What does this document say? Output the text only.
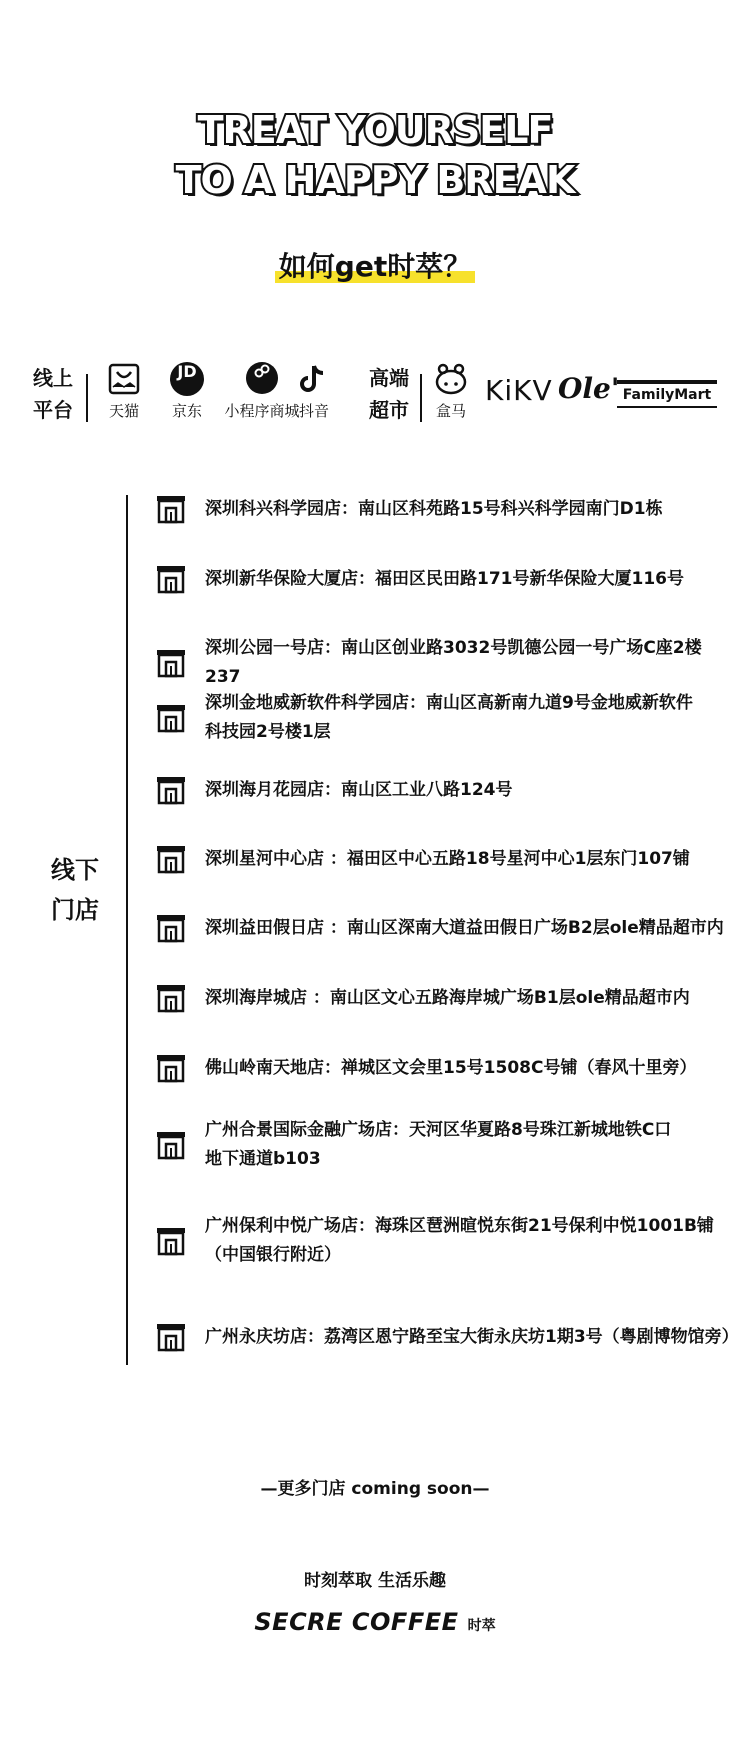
TREAT YOURSELF
TO A HAPPY BREAK
如何get时萃？
线上
平台	天猫
JD
京东	小程序商城 抖音
高端
超市	盒马
KiKV Ole' FamilyMart
线下
门店
深圳科兴科学园店：南山区科苑路15号科兴科学园南门D1栋
深圳新华保险大厦店：福田区民田路171号新华保险大厦116号
深圳公园一号店：南山区创业路3032号凯德公园一号广场C座2楼237
深圳金地威新软件科学园店：南山区高新南九道9号金地威新软件
科技园2号楼1层
深圳海月花园店：南山区工业八路124号
深圳星河中心店 ：福田区中心五路18号星河中心1层东门107铺
深圳益田假日店 ：南山区深南大道益田假日广场B2层ole精品超市内
深圳海岸城店 ：南山区文心五路海岸城广场B1层ole精品超市内
佛山岭南天地店：禅城区文会里15号1508C号铺（春风十里旁）
广州合景国际金融广场店：天河区华夏路8号珠江新城地铁C口
地下通道b103
广州保利中悦广场店：海珠区琶洲暄悦东街21号保利中悦1001B铺
（中国银行附近）
广州永庆坊店：荔湾区恩宁路至宝大街永庆坊1期3号（粤剧博物馆旁）
—更多门店 coming soon—
时刻萃取 生活乐趣
SECRE COFFEE 时萃
